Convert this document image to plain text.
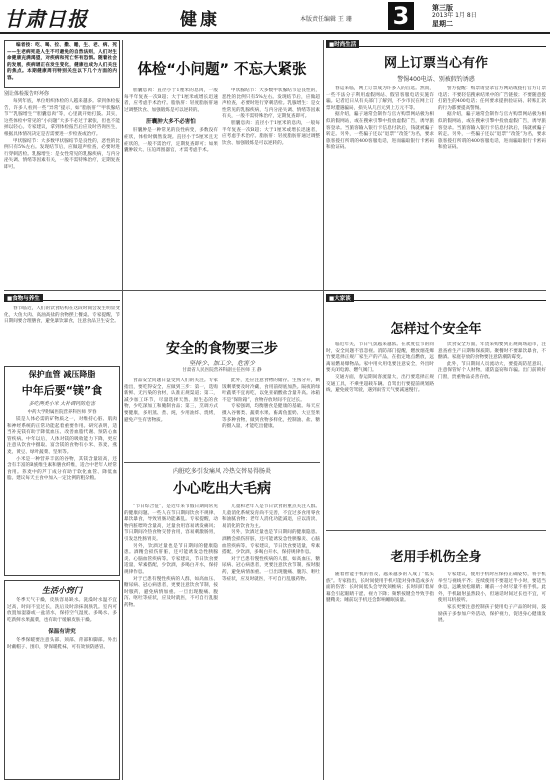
甘肃日报	健康	本版责任编辑 王 珊 3	第三版
2013年 1月 8日
星期二
编者按：吃、喝、拉、撒、睡，生、老、病、死——生老病死是人生不可避免的自然法则，人们对生命健康充满渴望，对疾病和死亡怀有恐惧。随着社会的发展，疾病谱正在发生变化，健康也成为人们关注的焦点。本期健康周刊特别关注以下几个方面的内容。
体检“小问题” 不忘大紧张
别让体检报告吓坏你
每到年底，单位组织体检的人越来越多。拿到体检报告，许多人看到一些“异常”提示，如“脂肪肝”“甲状腺结节”“乳腺增生”“胆囊息肉”等，心里就开始打鼓。其实，这些体检中常见的“小问题”大多不必过于紧张，但也不能掉以轻心。专家建议，拿到体检报告后应及时咨询医生，根据具体情况决定是否需要进一步检查或治疗。
甲状腺结节：大多数甲状腺结节是良性的，恶性的比例只有5%左右。发现结节后，应做超声检查，必要时进行穿刺活检。乳腺增生：是女性常见的乳腺疾病，与内分泌失调、情绪等因素有关，一般不需特殊治疗，定期复查即可。
胆囊息肉：直径小于1厘米的息肉，一般每半年复查一次B超；大于1厘米或增长迅速者，应考虑手术治疗。脂肪肝：轻度脂肪肝通过调整饮食、加强锻炼是可以逆转的。
肝囊肿大多不必害怕
肝囊肿是一种常见的良性病变，多数没有症状，体检时偶然发现。直径小于5厘米且无症状的，一般不需治疗，定期复查即可；如果囊肿较大、压迫周围器官，才需考虑手术。
甲状腺结节：大多数甲状腺结节是良性的，恶性的比例只有5%左右。发现结节后，应做超声检查，必要时进行穿刺活检。乳腺增生：是女性常见的乳腺疾病，与内分泌失调、情绪等因素有关，一般不需特殊治疗，定期复查即可。
胆囊息肉：直径小于1厘米的息肉，一般每半年复查一次B超；大于1厘米或增长迅速者，应考虑手术治疗。脂肪肝：轻度脂肪肝通过调整饮食、加强锻炼是可以逆转的。
■时尚生活
网上订票当心有作
警惕400电话、别被假钓诱惑
春运来临，网上订票成为许多人的首选。然而，一些不法分子利用虚假网站、假冒客服电话实施诈骗。记者近日从有关部门了解到，不少市民在网上订票时遭遇骗局，损失从几百元到上万元不等。
据介绍，骗子通常会制作与官方购票网站极为相似的假网站，或在搜索引擎中投放虚假广告，诱导旅客登录。当旅客输入银行卡信息付款后，钱就被骗子转走。另外，一些骗子还以“退票”“改签”为名，要求旅客拨打所谓的400客服电话，进而骗取银行卡密码和验证码。
警方提醒：购票请登录官方网站或拨打官方订票电话；不要轻信搜索结果中的广告链接；不要随意拨打陌生的400电话；任何要求提供验证码、转账汇款的行为都要提高警惕。
据介绍，骗子通常会制作与官方购票网站极为相似的假网站，或在搜索引擎中投放虚假广告，诱导旅客登录。当旅客输入银行卡信息付款后，钱就被骗子转走。另外，一些骗子还以“退票”“改签”为名，要求旅客拨打所谓的400客服电话，进而骗取银行卡密码和验证码。
■食物与养生
春节临近，人们的饮食结构在这段时间会发生明显变化，大鱼大肉、高油高盐的食物摆上餐桌。专家提醒，节日期间要合理膳食，避免暴饮暴食，注意食品卫生安全。
保护血管 减压降脂
中年后要“镁”食
多吃两类小米 大补调钙防危害
中药大学附属医院营养科医师 罗春
镁是人体必需的矿物质之一，对维持心脏、肌肉和神经系统的正常功能起着重要作用。研究表明，适当补充镁有助于降低血压、改善血脂代谢、预防心血管疾病。中年以后，人体对镁的吸收能力下降，更应注意从饮食中摄取。富含镁的食物有小米、荞麦、燕麦、黄豆、绿叶蔬菜、坚果等。
小米是一种营养丰富的谷物，其镁含量较高，还含有丰富的B族维生素和膳食纤维，适合中老年人经常食用。荞麦中的芦丁成分有助于软化血管、降低血脂。建议每天主食中加入一定比例的粗杂粮。
生活小窍门
冬季天气干燥，皮肤容易缺水。洗澡时水温不宜过高，时间不宜过长，洗后及时涂抹润肤乳。室内可放置加湿器或一盆清水，保持空气湿度。多喝水、多吃新鲜水果蔬菜，也有助于缓解皮肤干燥。
保温有讲究
冬季保暖要注意头部、颈部、背部和脚部。外出时戴帽子、围巾，穿保暖鞋袜，可有效预防感冒。
安全的食物要三步
坚持少、加工少、危害少
甘肃省人民医院营养科副主任医师 王 静
食品安全问题日益受到人们的关注。专家指出，要吃得安全，应做到三步：第一，选购新鲜、无污染的食材，认准正规渠道；第二，减少加工环节，尽量选择天然、原生态的食物，少吃深加工和腌制食品；第三，烹调方式要健康，多用蒸、煮、炖，少用油炸、烧烤，避免产生有害物质。
此外，还应注意食物的储存。生熟分开，剩饭剩菜要及时冷藏，食用前彻底加热。隔夜的绿叶蔬菜不宜再吃，以免亚硝酸盐含量升高。冰箱不是“保险箱”，食物存放时间不宜过长。
专家强调，均衡膳食是健康的基础。每天应摄入谷薯类、蔬菜水果、畜禽鱼蛋奶、大豆坚果等多种食物，做到食物多样化，控制油、盐、糖的摄入量，才能吃出健康。
内脏吃多引发痛风 冷热交替易得肠炎
小心吃出大毛病
“节日综合征”，是近年来节假日期间常见的健康问题。一些人在节日期间饮食不规律、暴饮暴食，导致胃肠功能紊乱。专家提醒，动物内脏嘌呤含量高，过量食用容易诱发痛风；节日期间冷热食物交替食用，容易刺激肠胃，引发急性肠胃炎。
另外，饮酒过量也是节日期间的健康隐患。酒精会损伤肝脏，还可能诱发急性胰腺炎、心脑血管疾病等。专家建议，节日饮食要适量，荤素搭配，少饮酒，多喝白开水，保持规律作息。
对于已患有慢性疾病的人群，如高血压、糖尿病、冠心病患者，更要注意饮食节制，按时服药，避免病情加重。一旦出现腹痛、腹泻、呕吐等症状，应及时就医，不可自行乱服药物。
儿童和老年人是节日饮食的重点关注人群。儿童消化系统发育尚不完善，不宜过多食用零食和油腻食物；老年人消化功能减退，应以清淡、易消化的饮食为主。
另外，饮酒过量也是节日期间的健康隐患。酒精会损伤肝脏，还可能诱发急性胰腺炎、心脑血管疾病等。专家建议，节日饮食要适量，荤素搭配，少饮酒，多喝白开水，保持规律作息。
对于已患有慢性疾病的人群，如高血压、糖尿病、冠心病患者，更要注意饮食节制，按时服药，避免病情加重。一旦出现腹痛、腹泻、呕吐等症状，应及时就医，不可自行乱服药物。
■大家谈
怎样过个安全年
临近年关，节日气氛越来越浓。在欢度佳节的同时，安全问题不容忽视。消防部门提醒，燃放烟花爆竹要选择正规厂家生产的产品，在指定地点燃放，远离易燃易爆物品。家中用火用电要注意安全，外出时要关闭电源、燃气阀门。
交通方面，春运期间客流量大，出行要选择正规交通工具，不乘坐超载车辆。自驾出行要提前规划路线，避免疲劳驾驶，遇到雨雪天气要减速慢行。
饮食安全方面，年货采购要到正规商场超市，注意查看生产日期和保质期。聚餐时不要暴饮暴食，不酗酒。家庭存放的食物要注意防潮防霉变。
此外，节日期间人员流动大，要提高防范意识，注意保管好个人财物，谨防盗窃和诈骗。出门前锁好门窗，贵重物品妥善存放。
老用手机伤全身
随着智能手机的普及，越来越多的人成了“低头族”。专家指出，长时间使用手机可能对身体造成多方面的伤害：长时间低头会导致颈椎病；长时间盯着屏幕会引起眼睛干涩、视力下降；频繁按键会导致手指腱鞘炎；睡前玩手机还会影响睡眠质量。
专家建议，使用手机时应保持正确姿势，将手机举至与视线平齐；连续使用不要超过半小时，要适当休息，远眺放松眼睛；睡前一小时尽量不看手机。此外，手机辐射虽然较小，但通话时间过长也不宜，可使用耳机接听。
家长更要注意控制孩子使用电子产品的时间，鼓励孩子多参加户外活动，保护视力，促进身心健康发展。
